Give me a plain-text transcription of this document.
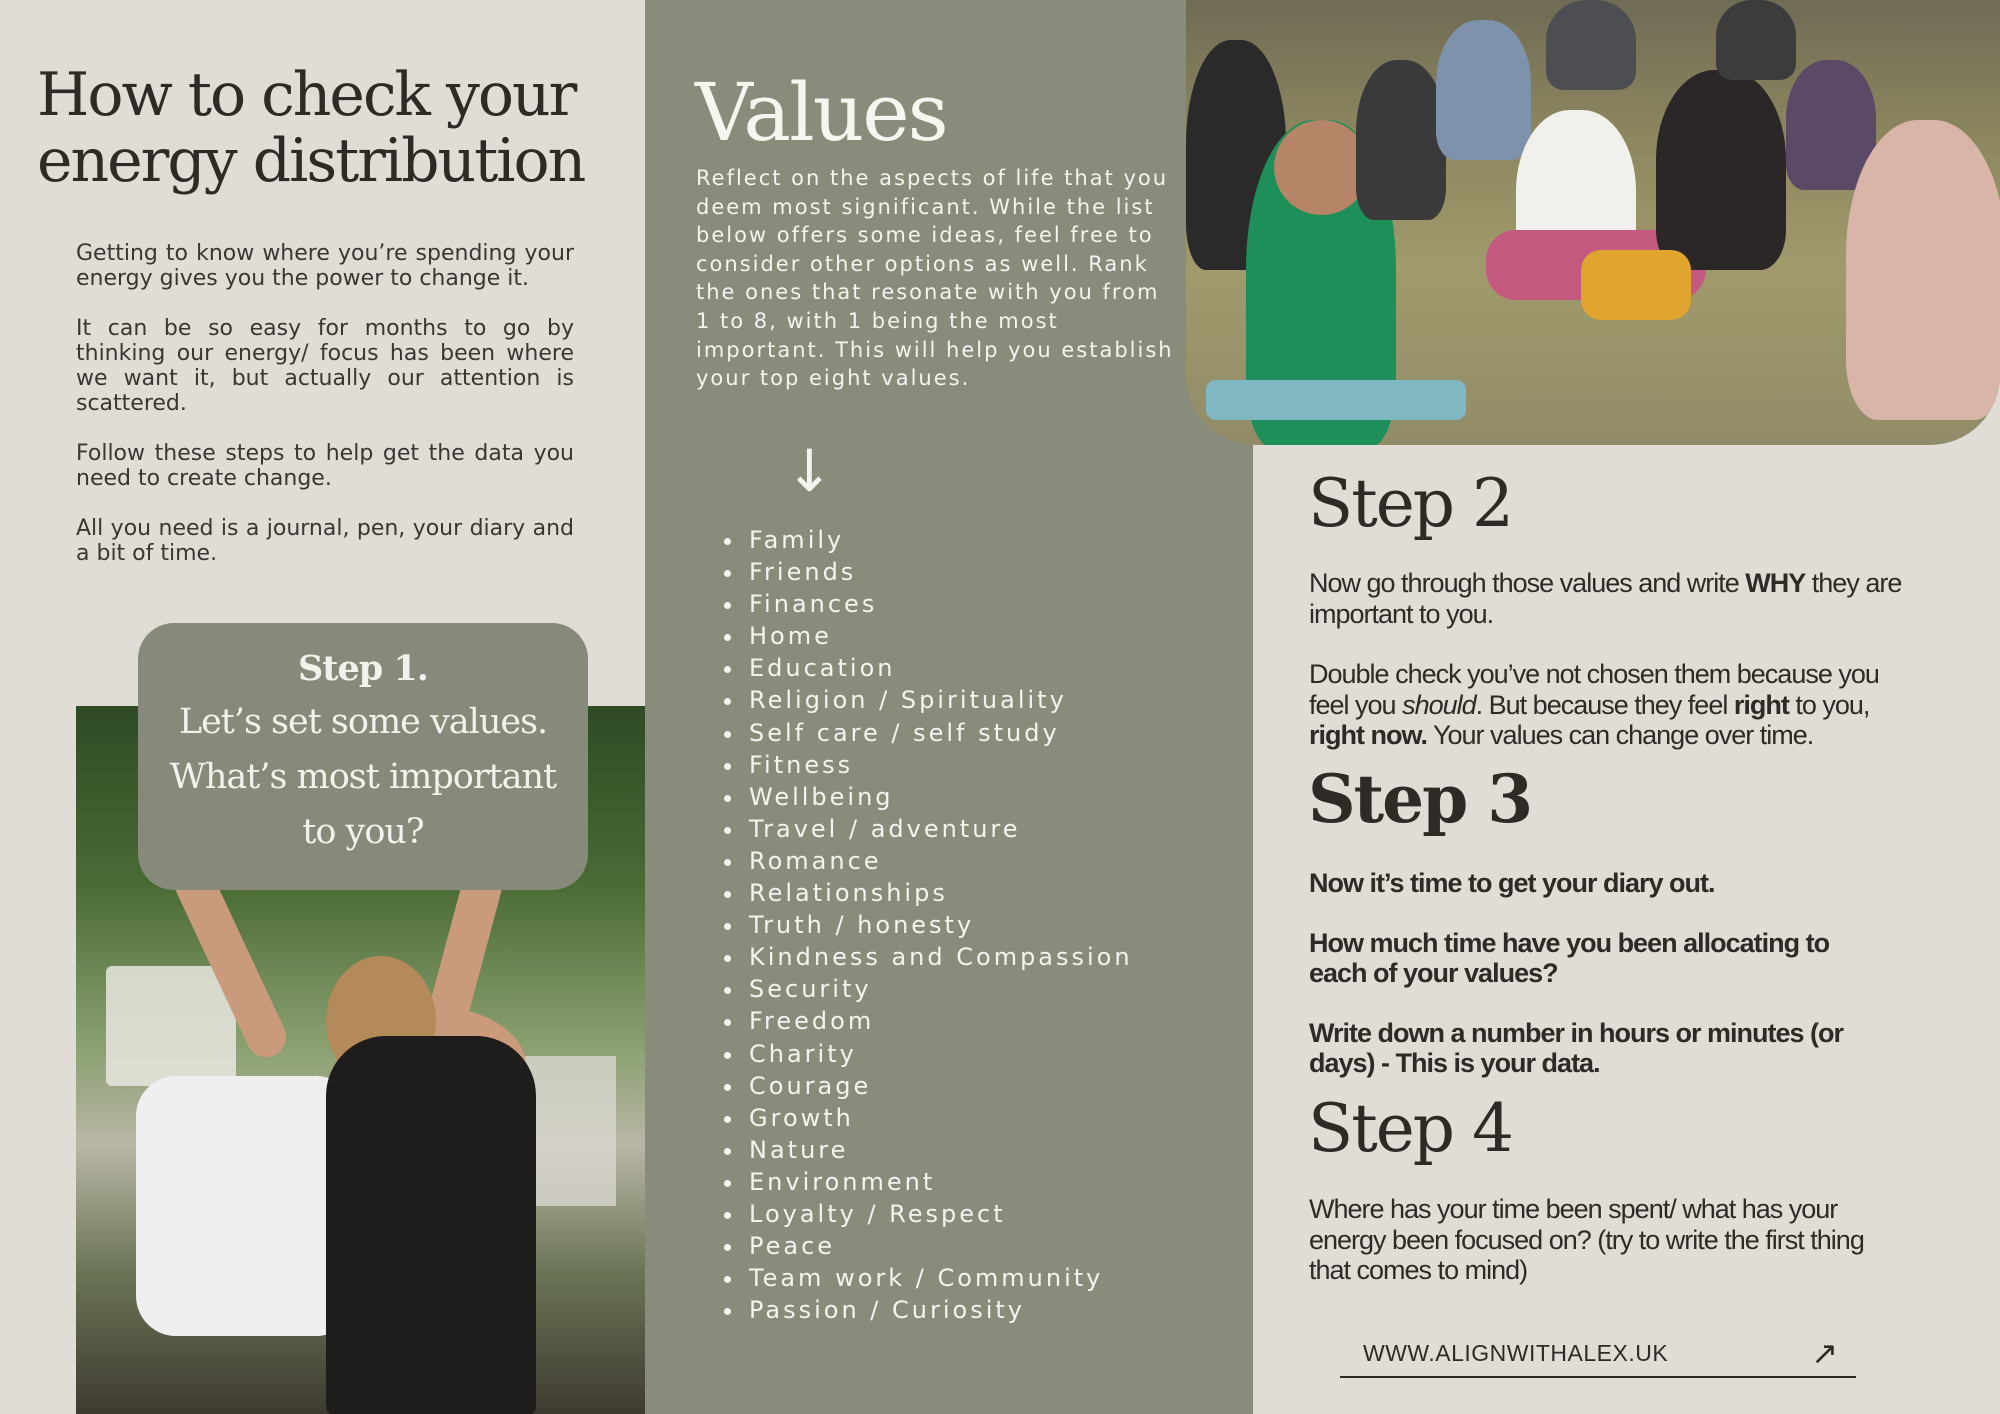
How to check your
energy distribution

Getting to know where you’re spending your energy gives you the power to change it.

It can be so easy for months to go by thinking our energy/ focus has been where we want it, but actually our attention is scattered.

Follow these steps to help get the data you need to create change.

All you need is a journal, pen, your diary and a bit of time.

Step 1.
Let’s set some values. What’s most important to you?
Values

Reflect on the aspects of life that you deem most significant. While the list below offers some ideas, feel free to consider other options as well. Rank the ones that resonate with you from 1 to 8, with 1 being the most important. This will help you establish your top eight values.

↓
• Family
• Friends
• Finances
• Home
• Education
• Religion / Spirituality
• Self care / self study
• Fitness
• Wellbeing
• Travel / adventure
• Romance
• Relationships
• Truth / honesty
• Kindness and Compassion
• Security
• Freedom
• Charity
• Courage
• Growth
• Nature
• Environment
• Loyalty / Respect
• Peace
• Team work / Community
• Passion / Curiosity
Step 2

Now go through those values and write WHY they are important to you.

Double check you’ve not chosen them because you feel you should. But because they feel right to you, right now. Your values can change over time.

Step 3

Now it’s time to get your diary out.

How much time have you been allocating to each of your values?

Write down a number in hours or minutes (or days) - This is your data.

Step 4

Where has your time been spent/ what has your energy been focused on? (try to write the first thing that comes to mind)

WWW.ALIGNWITHALEX.UK	↗
